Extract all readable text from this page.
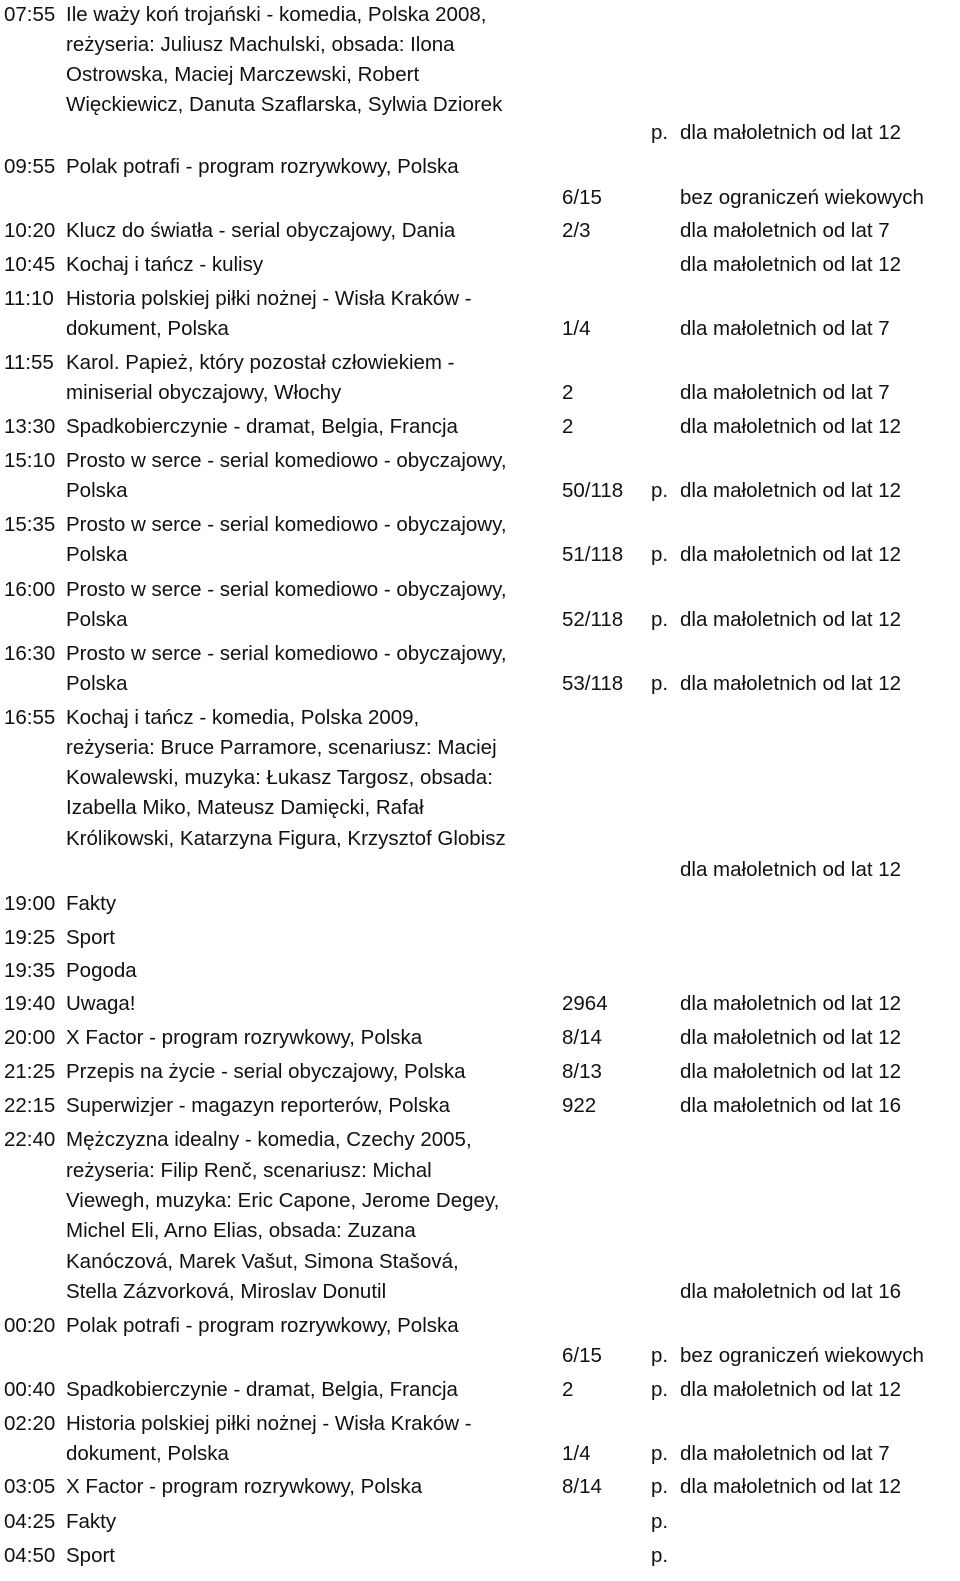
07:55 Ile waży koń trojański - komedia, Polska 2008,
reżyseria: Juliusz Machulski, obsada: Ilona
Ostrowska, Maciej Marczewski, Robert
Więckiewicz, Danuta Szaflarska, Sylwia Dziorek
p. dla małoletnich od lat 12
09:55 Polak potrafi - program rozrywkowy, Polska
6/15	bez ograniczeń wiekowych
10:20 Klucz do światła - serial obyczajowy, Dania	2/3	dla małoletnich od lat 7
10:45 Kochaj i tańcz - kulisy	dla małoletnich od lat 12
11:10 Historia polskiej piłki nożnej - Wisła Kraków -
dokument, Polska	1/4	dla małoletnich od lat 7
11:55 Karol. Papież, który pozostał człowiekiem -
miniserial obyczajowy, Włochy	2	dla małoletnich od lat 7
13:30 Spadkobierczynie - dramat, Belgia, Francja	2	dla małoletnich od lat 12
15:10 Prosto w serce - serial komediowo - obyczajowy,
Polska	50/118 p. dla małoletnich od lat 12
15:35 Prosto w serce - serial komediowo - obyczajowy,
Polska	51/118 p. dla małoletnich od lat 12
16:00 Prosto w serce - serial komediowo - obyczajowy,
Polska	52/118 p. dla małoletnich od lat 12
16:30 Prosto w serce - serial komediowo - obyczajowy,
Polska	53/118 p. dla małoletnich od lat 12
16:55 Kochaj i tańcz - komedia, Polska 2009,
reżyseria: Bruce Parramore, scenariusz: Maciej
Kowalewski, muzyka: Łukasz Targosz, obsada:
Izabella Miko, Mateusz Damięcki, Rafał
Królikowski, Katarzyna Figura, Krzysztof Globisz
dla małoletnich od lat 12
19:00 Fakty
19:25 Sport
19:35 Pogoda
19:40 Uwaga!	2964	dla małoletnich od lat 12
20:00 X Factor - program rozrywkowy, Polska	8/14	dla małoletnich od lat 12
21:25 Przepis na życie - serial obyczajowy, Polska	8/13	dla małoletnich od lat 12
22:15 Superwizjer - magazyn reporterów, Polska	922	dla małoletnich od lat 16
22:40 Mężczyzna idealny - komedia, Czechy 2005,
reżyseria: Filip Renč, scenariusz: Michal
Viewegh, muzyka: Eric Capone, Jerome Degey,
Michel Eli, Arno Elias, obsada: Zuzana
Kanóczová, Marek Vašut, Simona Stašová,
Stella Zázvorková, Miroslav Donutil	dla małoletnich od lat 16
00:20 Polak potrafi - program rozrywkowy, Polska
6/15 p. bez ograniczeń wiekowych
00:40 Spadkobierczynie - dramat, Belgia, Francja	2	p. dla małoletnich od lat 12
02:20 Historia polskiej piłki nożnej - Wisła Kraków -
dokument, Polska	1/4	p. dla małoletnich od lat 7
03:05 X Factor - program rozrywkowy, Polska	8/14 p. dla małoletnich od lat 12
04:25 Fakty	p.
04:50 Sport	p.
